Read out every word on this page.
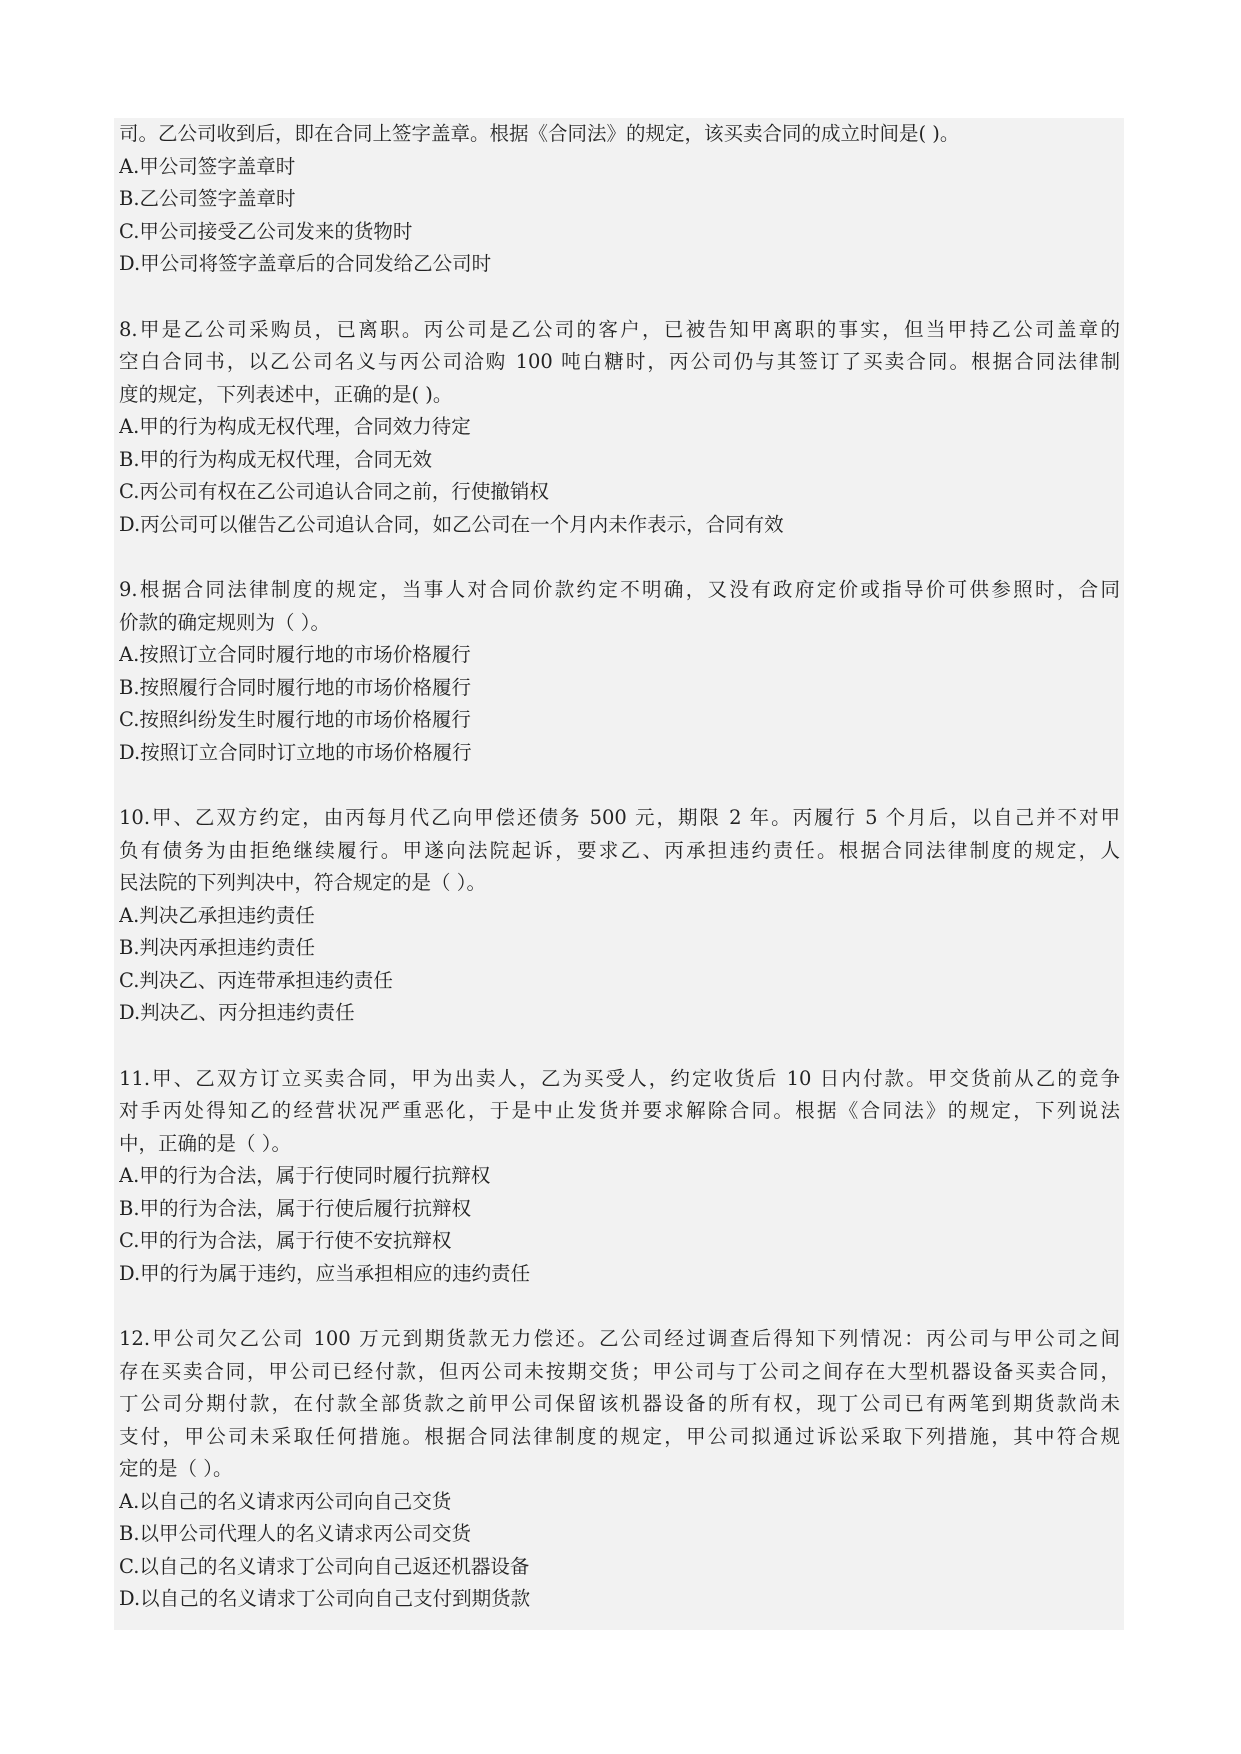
司。乙公司收到后，即在合同上签字盖章。根据《合同法》的规定，该买卖合同的成立时间是( )。
A.甲公司签字盖章时
B.乙公司签字盖章时
C.甲公司接受乙公司发来的货物时
D.甲公司将签字盖章后的合同发给乙公司时
8.甲是乙公司采购员，已离职。丙公司是乙公司的客户，已被告知甲离职的事实，但当甲持乙公司盖章的
空白合同书，以乙公司名义与丙公司洽购 100 吨白糖时，丙公司仍与其签订了买卖合同。根据合同法律制
度的规定，下列表述中，正确的是( )。
A.甲的行为构成无权代理，合同效力待定
B.甲的行为构成无权代理，合同无效
C.丙公司有权在乙公司追认合同之前，行使撤销权
D.丙公司可以催告乙公司追认合同，如乙公司在一个月内未作表示，合同有效
9.根据合同法律制度的规定，当事人对合同价款约定不明确，又没有政府定价或指导价可供参照时，合同
价款的确定规则为（ ）。
A.按照订立合同时履行地的市场价格履行
B.按照履行合同时履行地的市场价格履行
C.按照纠纷发生时履行地的市场价格履行
D.按照订立合同时订立地的市场价格履行
10.甲、乙双方约定，由丙每月代乙向甲偿还债务 500 元，期限 2 年。丙履行 5 个月后，以自己并不对甲
负有债务为由拒绝继续履行。甲遂向法院起诉，要求乙、丙承担违约责任。根据合同法律制度的规定，人
民法院的下列判决中，符合规定的是（ ）。
A.判决乙承担违约责任
B.判决丙承担违约责任
C.判决乙、丙连带承担违约责任
D.判决乙、丙分担违约责任
11.甲、乙双方订立买卖合同，甲为出卖人，乙为买受人，约定收货后 10 日内付款。甲交货前从乙的竞争
对手丙处得知乙的经营状况严重恶化，于是中止发货并要求解除合同。根据《合同法》的规定，下列说法
中，正确的是（ ）。
A.甲的行为合法，属于行使同时履行抗辩权
B.甲的行为合法，属于行使后履行抗辩权
C.甲的行为合法，属于行使不安抗辩权
D.甲的行为属于违约，应当承担相应的违约责任
12.甲公司欠乙公司 100 万元到期货款无力偿还。乙公司经过调查后得知下列情况：丙公司与甲公司之间
存在买卖合同，甲公司已经付款，但丙公司未按期交货；甲公司与丁公司之间存在大型机器设备买卖合同，
丁公司分期付款，在付款全部货款之前甲公司保留该机器设备的所有权，现丁公司已有两笔到期货款尚未
支付，甲公司未采取任何措施。根据合同法律制度的规定，甲公司拟通过诉讼采取下列措施，其中符合规
定的是（ ）。
A.以自己的名义请求丙公司向自己交货
B.以甲公司代理人的名义请求丙公司交货
C.以自己的名义请求丁公司向自己返还机器设备
D.以自己的名义请求丁公司向自己支付到期货款
